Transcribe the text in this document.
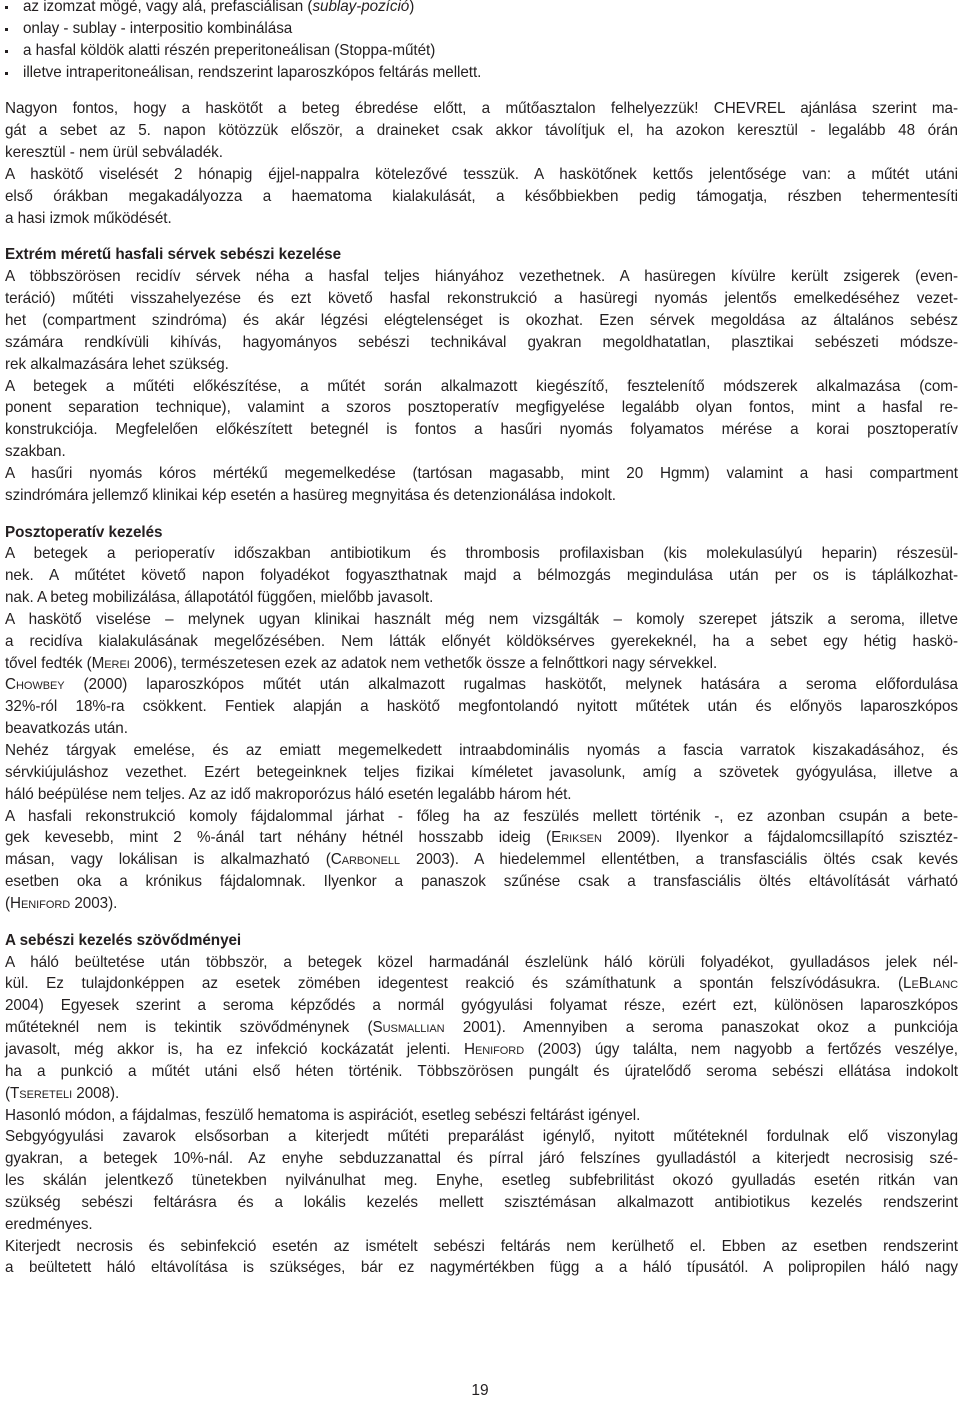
az izomzat mögé, vagy alá, prefasciálisan (sublay-pozíció)
onlay - sublay - interpositio kombinálása
a hasfal köldök alatti részén preperitoneálisan (Stoppa-műtét)
illetve intraperitoneálisan, rendszerint laparoszkópos feltárás mellett.
Nagyon fontos, hogy a haskötőt a beteg ébredése előtt, a műtőasztalon felhelyezzük! CHEVREL ajánlása szerint ma-
gát a sebet az 5. napon kötözzük először, a draineket csak akkor távolítjuk el, ha azokon keresztül - legalább 48 órán
keresztül - nem ürül sebváladék.
A haskötő viselését 2 hónapig éjjel-nappalra kötelezővé tesszük. A haskötőnek kettős jelentősége van: a műtét utáni
első órákban megakadályozza a haematoma kialakulását, a későbbiekben pedig támogatja, részben tehermentesíti
a hasi izmok működését.
Extrém méretű hasfali sérvek sebészi kezelése
A többszörösen recidív sérvek néha a hasfal teljes hiányához vezethetnek. A hasüregen kívülre került zsigerek (even-
teráció) műtéti visszahelyezése és ezt követő hasfal rekonstrukció a hasüregi nyomás jelentős emelkedéséhez vezet-
het (compartment szindróma) és akár légzési elégtelenséget is okozhat. Ezen sérvek megoldása az általános sebész
számára rendkívüli kihívás, hagyományos sebészi technikával gyakran megoldhatatlan, plasztikai sebészeti módsze-
rek alkalmazására lehet szükség.
A betegek a műtéti előkészítése, a műtét során alkalmazott kiegészítő, fesztelenítő módszerek alkalmazása (com-
ponent separation technique), valamint a szoros posztoperatív megfigyelése legalább olyan fontos, mint a hasfal re-
konstrukciója. Megfelelően előkészített betegnél is fontos a hasűri nyomás folyamatos mérése a korai posztoperatív
szakban.
A hasűri nyomás kóros mértékű megemelkedése (tartósan magasabb, mint 20 Hgmm) valamint a hasi compartment
szindrómára jellemző klinikai kép esetén a hasüreg megnyitása és detenzionálása indokolt.
Posztoperatív kezelés
A betegek a perioperatív időszakban antibiotikum és thrombosis profilaxisban (kis molekulasúlyú heparin) részesül-
nek. A műtétet követő napon folyadékot fogyaszthatnak majd a bélmozgás megindulása után per os is táplálkozhat-
nak. A beteg mobilizálása, állapotától függően, mielőbb javasolt.
A haskötő viselése – melynek ugyan klinikai használt még nem vizsgálták – komoly szerepet játszik a seroma, illetve
a recidíva kialakulásának megelőzésében. Nem látták előnyét köldöksérves gyerekeknél, ha a sebet egy hétig haskö-
tővel fedték (Merei 2006), természetesen ezek az adatok nem vethetők össze a felnőttkori nagy sérvekkel.
Chowbey (2000) laparoszkópos műtét után alkalmazott rugalmas haskötőt, melynek hatására a seroma előfordulása
32%-ról 18%-ra csökkent. Fentiek alapján a haskötő megfontolandó nyitott műtétek után és előnyös laparoszkópos
beavatkozás után.
Nehéz tárgyak emelése, és az emiatt megemelkedett intraabdominális nyomás a fascia varratok kiszakadásához, és
sérvkiújuláshoz vezethet. Ezért betegeinknek teljes fizikai kíméletet javasolunk, amíg a szövetek gyógyulása, illetve a
háló beépülése nem teljes. Az az idő makroporózus háló esetén legalább három hét.
A hasfali rekonstrukció komoly fájdalommal járhat - főleg ha az feszülés mellett történik -, ez azonban csupán a bete-
gek kevesebb, mint 2 %-ánál tart néhány hétnél hosszabb ideig (Eriksen 2009). Ilyenkor a fájdalomcsillapító szisztéz-
másan, vagy lokálisan is alkalmazható (Carbonell 2003). A hiedelemmel ellentétben, a transfasciális öltés csak kevés
esetben oka a krónikus fájdalomnak. Ilyenkor a panaszok szűnése csak a transfasciális öltés eltávolítását várható
(Heniford 2003).
A sebészi kezelés szövődményei
A háló beültetése után többször, a betegek közel harmadánál észlelünk háló körüli folyadékot, gyulladásos jelek nél-
kül. Ez tulajdonképpen az esetek zömében idegentest reakció és számíthatunk a spontán felszívódásukra. (LeBlanc
2004) Egyesek szerint a seroma képződés a normál gyógyulási folyamat része, ezért ezt, különösen laparoszkópos
műtéteknél nem is tekintik szövődménynek (Susmallian 2001). Amennyiben a seroma panaszokat okoz a punkciója
javasolt, még akkor is, ha ez infekció kockázatát jelenti. Heniford (2003) úgy találta, nem nagyobb a fertőzés veszélye,
ha a punkció a műtét utáni első héten történik. Többszörösen pungált és újratelődő seroma sebészi ellátása indokolt
(Tsereteli 2008).
Hasonló módon, a fájdalmas, feszülő hematoma is aspirációt, esetleg sebészi feltárást igényel.
Sebgyógyulási zavarok elsősorban a kiterjedt műtéti preparálást igénylő, nyitott műtéteknél fordulnak elő viszonylag
gyakran, a betegek 10%-nál. Az enyhe sebduzzanattal és pírral járó felszínes gyulladástól a kiterjedt necrosisig szé-
les skálán jelentkező tünetekben nyilvánulhat meg. Enyhe, esetleg subfebrilitást okozó gyulladás esetén ritkán van
szükség sebészi feltárásra és a lokális kezelés mellett szisztémásan alkalmazott antibiotikus kezelés rendszerint
eredményes.
Kiterjedt necrosis és sebinfekció esetén az ismételt sebészi feltárás nem kerülhető el. Ebben az esetben rendszerint
a beültetett háló eltávolítása is szükséges, bár ez nagymértékben függ a a háló típusától. A polipropilen háló nagy
19
